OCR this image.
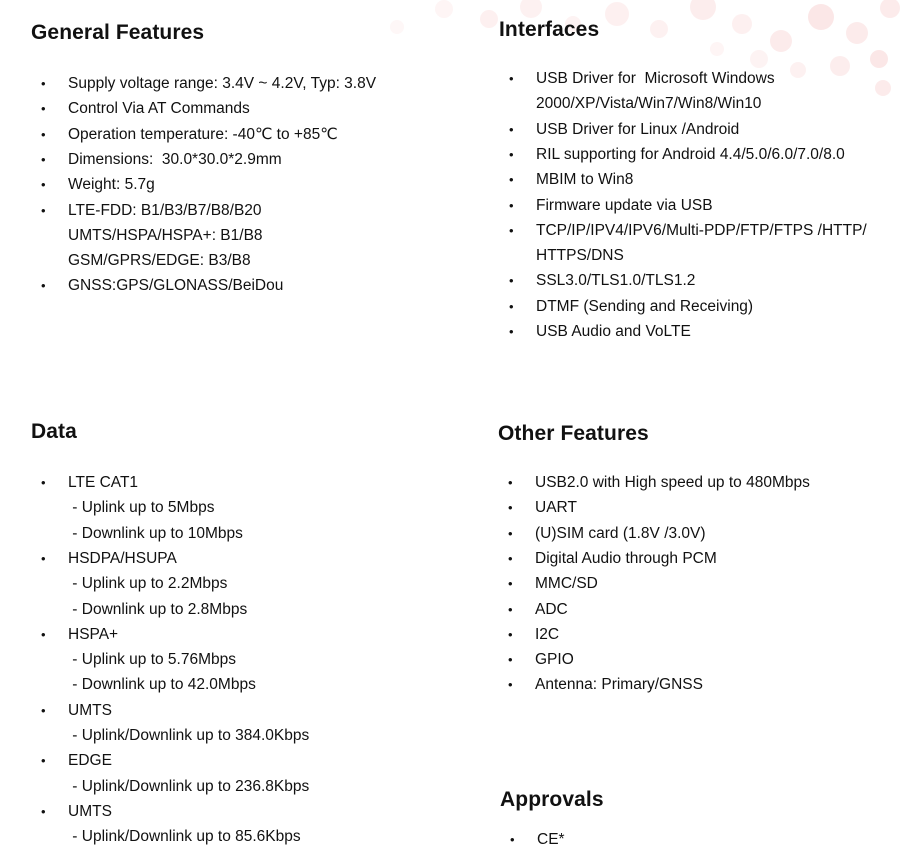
General Features
• Supply voltage range: 3.4V ~ 4.2V, Typ: 3.8V
• Control Via AT Commands
• Operation temperature: -40℃ to +85℃
• Dimensions:  30.0*30.0*2.9mm
• Weight: 5.7g
• LTE-FDD: B1/B3/B7/B8/B20
UMTS/HSPA/HSPA+: B1/B8
GSM/GPRS/EDGE: B3/B8
• GNSS:GPS/GLONASS/BeiDou
Interfaces
• USB Driver for  Microsoft Windows
2000/XP/Vista/Win7/Win8/Win10
• USB Driver for Linux /Android
• RIL supporting for Android 4.4/5.0/6.0/7.0/8.0
• MBIM to Win8
• Firmware update via USB
• TCP/IP/IPV4/IPV6/Multi-PDP/FTP/FTPS /HTTP/
HTTPS/DNS
• SSL3.0/TLS1.0/TLS1.2
• DTMF (Sending and Receiving)
• USB Audio and VoLTE
Data
• LTE CAT1
- Uplink up to 5Mbps
- Downlink up to 10Mbps
• HSDPA/HSUPA
- Uplink up to 2.2Mbps
- Downlink up to 2.8Mbps
• HSPA+
- Uplink up to 5.76Mbps
- Downlink up to 42.0Mbps
• UMTS
- Uplink/Downlink up to 384.0Kbps
• EDGE
- Uplink/Downlink up to 236.8Kbps
• UMTS
- Uplink/Downlink up to 85.6Kbps
Other Features
• USB2.0 with High speed up to 480Mbps
• UART
• (U)SIM card (1.8V /3.0V)
• Digital Audio through PCM
• MMC/SD
• ADC
• I2C
• GPIO
• Antenna: Primary/GNSS
Approvals
• CE*
